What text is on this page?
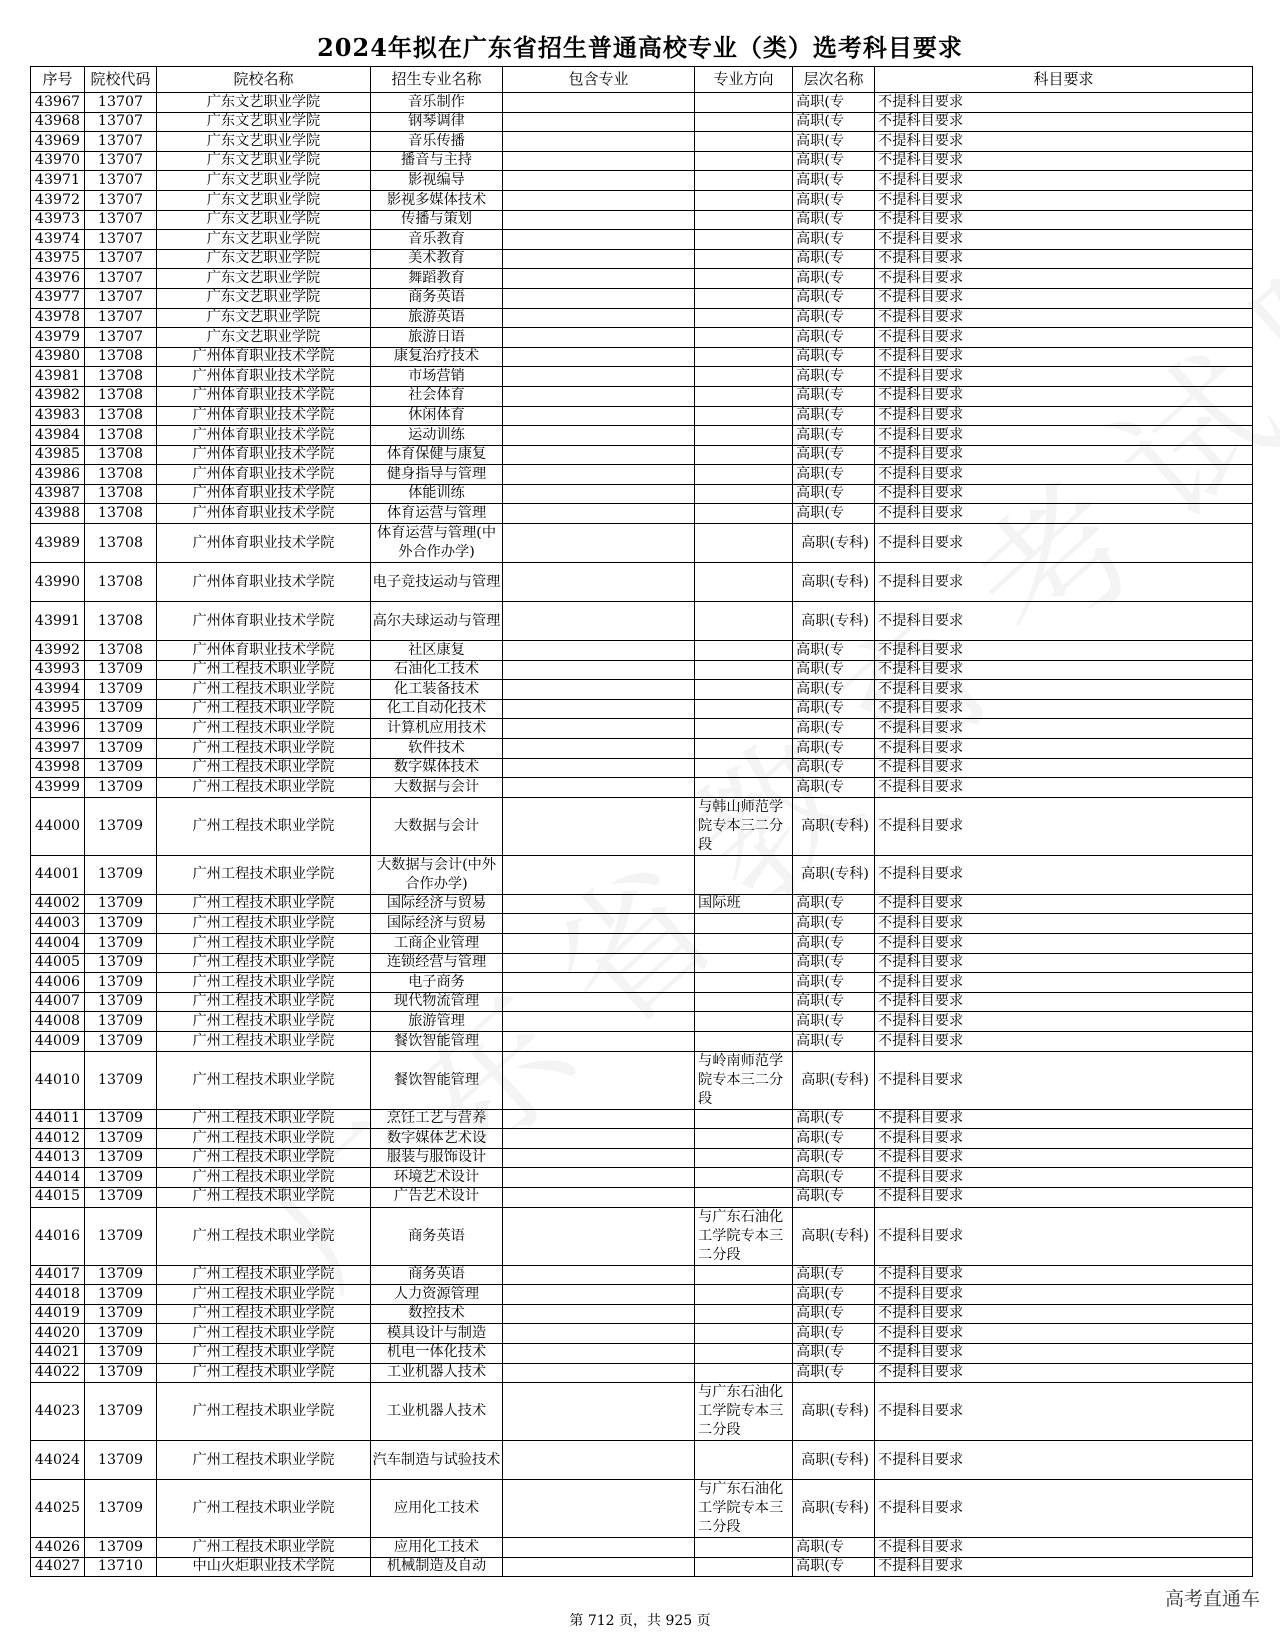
2024年拟在广东省招生普通高校专业（类）选考科目要求
序号	院校代码	院校名称	招生专业名称	包含专业	专业方向	层次名称	科目要求
43967	13707	广东文艺职业学院	音乐制作			高职(专	不提科目要求
43968	13707	广东文艺职业学院	钢琴调律			高职(专	不提科目要求
43969	13707	广东文艺职业学院	音乐传播			高职(专	不提科目要求
43970	13707	广东文艺职业学院	播音与主持			高职(专	不提科目要求
43971	13707	广东文艺职业学院	影视编导			高职(专	不提科目要求
43972	13707	广东文艺职业学院	影视多媒体技术			高职(专	不提科目要求
43973	13707	广东文艺职业学院	传播与策划			高职(专	不提科目要求
43974	13707	广东文艺职业学院	音乐教育			高职(专	不提科目要求
43975	13707	广东文艺职业学院	美术教育			高职(专	不提科目要求
43976	13707	广东文艺职业学院	舞蹈教育			高职(专	不提科目要求
43977	13707	广东文艺职业学院	商务英语			高职(专	不提科目要求
43978	13707	广东文艺职业学院	旅游英语			高职(专	不提科目要求
43979	13707	广东文艺职业学院	旅游日语			高职(专	不提科目要求
43980	13708	广州体育职业技术学院	康复治疗技术			高职(专	不提科目要求
43981	13708	广州体育职业技术学院	市场营销			高职(专	不提科目要求
43982	13708	广州体育职业技术学院	社会体育			高职(专	不提科目要求
43983	13708	广州体育职业技术学院	休闲体育			高职(专	不提科目要求
43984	13708	广州体育职业技术学院	运动训练			高职(专	不提科目要求
43985	13708	广州体育职业技术学院	体育保健与康复			高职(专	不提科目要求
43986	13708	广州体育职业技术学院	健身指导与管理			高职(专	不提科目要求
43987	13708	广州体育职业技术学院	体能训练			高职(专	不提科目要求
43988	13708	广州体育职业技术学院	体育运营与管理			高职(专	不提科目要求
43989	13708	广州体育职业技术学院	体育运营与管理(中外合作办学)			高职(专科)	不提科目要求
43990	13708	广州体育职业技术学院	电子竞技运动与管理			高职(专科)	不提科目要求
43991	13708	广州体育职业技术学院	高尔夫球运动与管理			高职(专科)	不提科目要求
43992	13708	广州体育职业技术学院	社区康复			高职(专	不提科目要求
43993	13709	广州工程技术职业学院	石油化工技术			高职(专	不提科目要求
43994	13709	广州工程技术职业学院	化工装备技术			高职(专	不提科目要求
43995	13709	广州工程技术职业学院	化工自动化技术			高职(专	不提科目要求
43996	13709	广州工程技术职业学院	计算机应用技术			高职(专	不提科目要求
43997	13709	广州工程技术职业学院	软件技术			高职(专	不提科目要求
43998	13709	广州工程技术职业学院	数字媒体技术			高职(专	不提科目要求
43999	13709	广州工程技术职业学院	大数据与会计			高职(专	不提科目要求
44000	13709	广州工程技术职业学院	大数据与会计		与韩山师范学院专本三二分段	高职(专科)	不提科目要求
44001	13709	广州工程技术职业学院	大数据与会计(中外合作办学)			高职(专科)	不提科目要求
44002	13709	广州工程技术职业学院	国际经济与贸易		国际班	高职(专	不提科目要求
44003	13709	广州工程技术职业学院	国际经济与贸易			高职(专	不提科目要求
44004	13709	广州工程技术职业学院	工商企业管理			高职(专	不提科目要求
44005	13709	广州工程技术职业学院	连锁经营与管理			高职(专	不提科目要求
44006	13709	广州工程技术职业学院	电子商务			高职(专	不提科目要求
44007	13709	广州工程技术职业学院	现代物流管理			高职(专	不提科目要求
44008	13709	广州工程技术职业学院	旅游管理			高职(专	不提科目要求
44009	13709	广州工程技术职业学院	餐饮智能管理			高职(专	不提科目要求
44010	13709	广州工程技术职业学院	餐饮智能管理		与岭南师范学院专本三二分段	高职(专科)	不提科目要求
44011	13709	广州工程技术职业学院	烹饪工艺与营养			高职(专	不提科目要求
44012	13709	广州工程技术职业学院	数字媒体艺术设			高职(专	不提科目要求
44013	13709	广州工程技术职业学院	服装与服饰设计			高职(专	不提科目要求
44014	13709	广州工程技术职业学院	环境艺术设计			高职(专	不提科目要求
44015	13709	广州工程技术职业学院	广告艺术设计			高职(专	不提科目要求
44016	13709	广州工程技术职业学院	商务英语		与广东石油化工学院专本三二分段	高职(专科)	不提科目要求
44017	13709	广州工程技术职业学院	商务英语			高职(专	不提科目要求
44018	13709	广州工程技术职业学院	人力资源管理			高职(专	不提科目要求
44019	13709	广州工程技术职业学院	数控技术			高职(专	不提科目要求
44020	13709	广州工程技术职业学院	模具设计与制造			高职(专	不提科目要求
44021	13709	广州工程技术职业学院	机电一体化技术			高职(专	不提科目要求
44022	13709	广州工程技术职业学院	工业机器人技术			高职(专	不提科目要求
44023	13709	广州工程技术职业学院	工业机器人技术		与广东石油化工学院专本三二分段	高职(专科)	不提科目要求
44024	13709	广州工程技术职业学院	汽车制造与试验技术			高职(专科)	不提科目要求
44025	13709	广州工程技术职业学院	应用化工技术		与广东石油化工学院专本三二分段	高职(专科)	不提科目要求
44026	13709	广州工程技术职业学院	应用化工技术			高职(专	不提科目要求
44027	13710	中山火炬职业技术学院	机械制造及自动			高职(专	不提科目要求
第 712 页，共 925 页
高考直通车
